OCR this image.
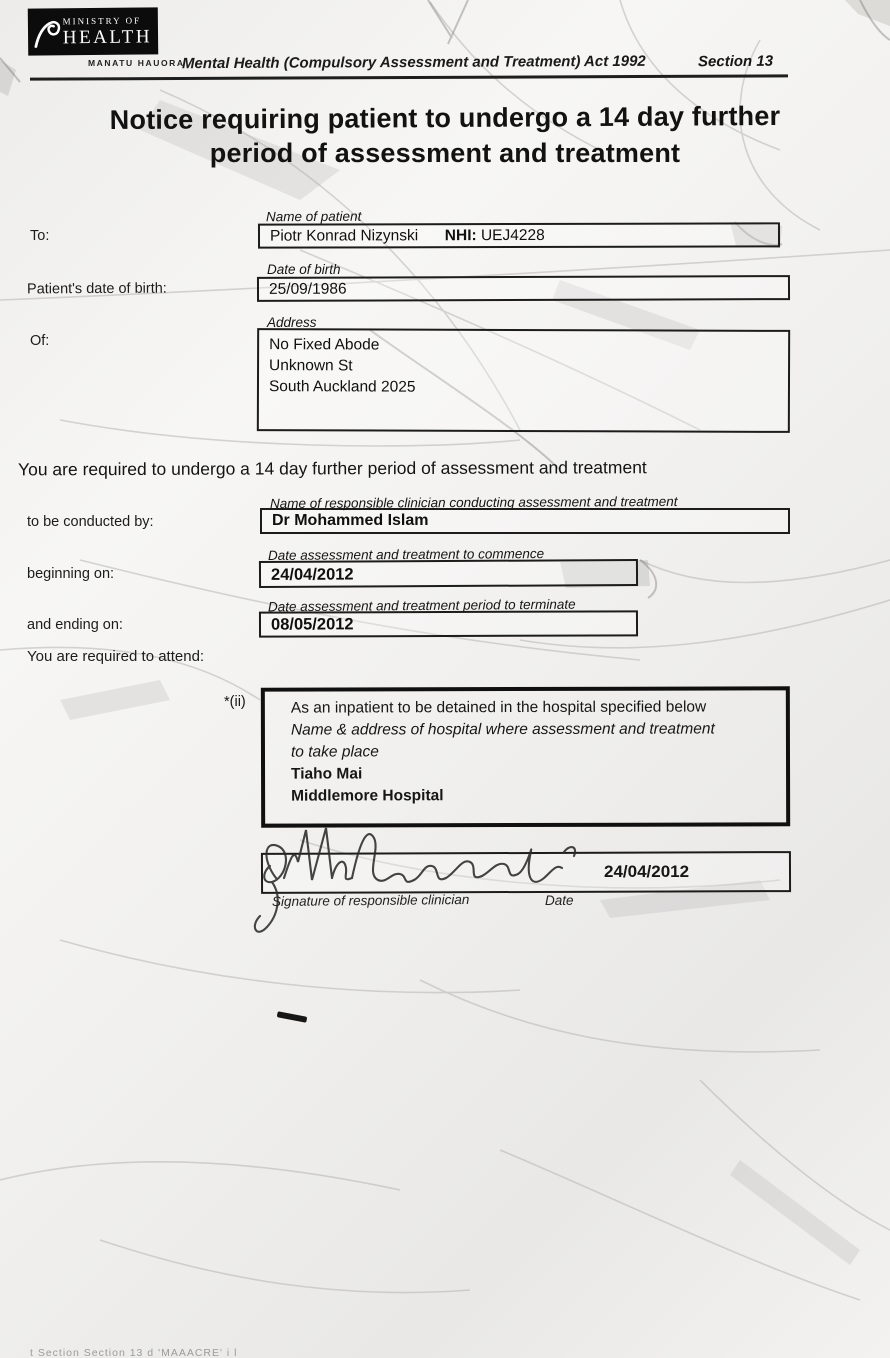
MINISTRY OF
HEALTH
MANATU HAUORA
Mental Health (Compulsory Assessment and Treatment) Act 1992	Section 13
Notice requiring patient to undergo a 14 day further
period of assessment and treatment
To:
Name of patient
Piotr Konrad Nizynski NHI: UEJ4228
Patient's date of birth:
Date of birth
25/09/1986
Of:
Address
No Fixed Abode
Unknown St
South Auckland 2025
You are required to undergo a 14 day further period of assessment and treatment
Name of responsible clinician conducting assessment and treatment
to be conducted by:	Dr Mohammed Islam
Date assessment and treatment to commence
beginning on:	24/04/2012
Date assessment and treatment period to terminate
and ending on:	08/05/2012
You are required to attend:
*(ii)	As an inpatient to be detained in the hospital specified below
Name & address of hospital where assessment and treatment
to take place
Tiaho Mai
Middlemore Hospital
24/04/2012
Signature of responsible clinician	Date
t Section Section 13 d 'MAAACRE' i l
